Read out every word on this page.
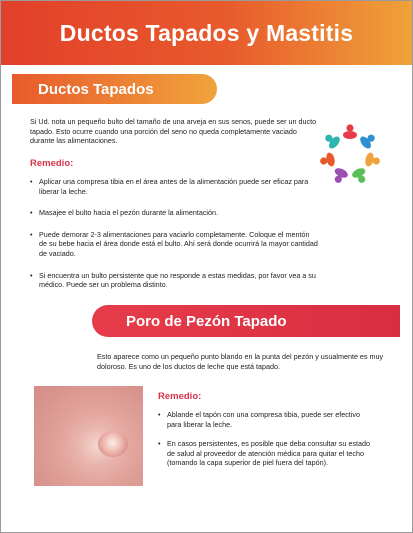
Ductos Tapados y Mastitis
Ductos Tapados
Si Ud. nota un pequeño bulto del tamaño de una arveja en sus senos, puede ser un ducto tapado. Esto ocurre cuando una porción del seno no queda completamente vaciado durante las alimentaciones.
Remedio:
• Aplicar una compresa tibia en el área antes de la alimentación puede ser eficaz para liberar la leche.
• Masajee el bulto hacia el pezón durante la alimentación.
• Puede demorar 2-3 alimentaciones para vaciarlo completamente. Coloque el mentón de su bebe hacia el área donde está el bulto. Ahí será donde ocurrirá la mayor cantidad de vaciado.
• Si encuentra un bulto persistente que no responde a estas medidas, por favor vea a su médico. Puede ser un problema distinto.
Poro de Pezón Tapado
Esto aparece como un pequeño punto blando en la punta del pezón y usualmente es muy doloroso. Es uno de los ductos de leche que está tapado.
Remedio:
• Ablande el tapón con una compresa tibia, puede ser efectivo para liberar la leche.
• En casos persistentes, es posible que deba consultar su estado de salud al proveedor de atención médica para quitar el techo (tomando la capa superior de piel fuera del tapón).
